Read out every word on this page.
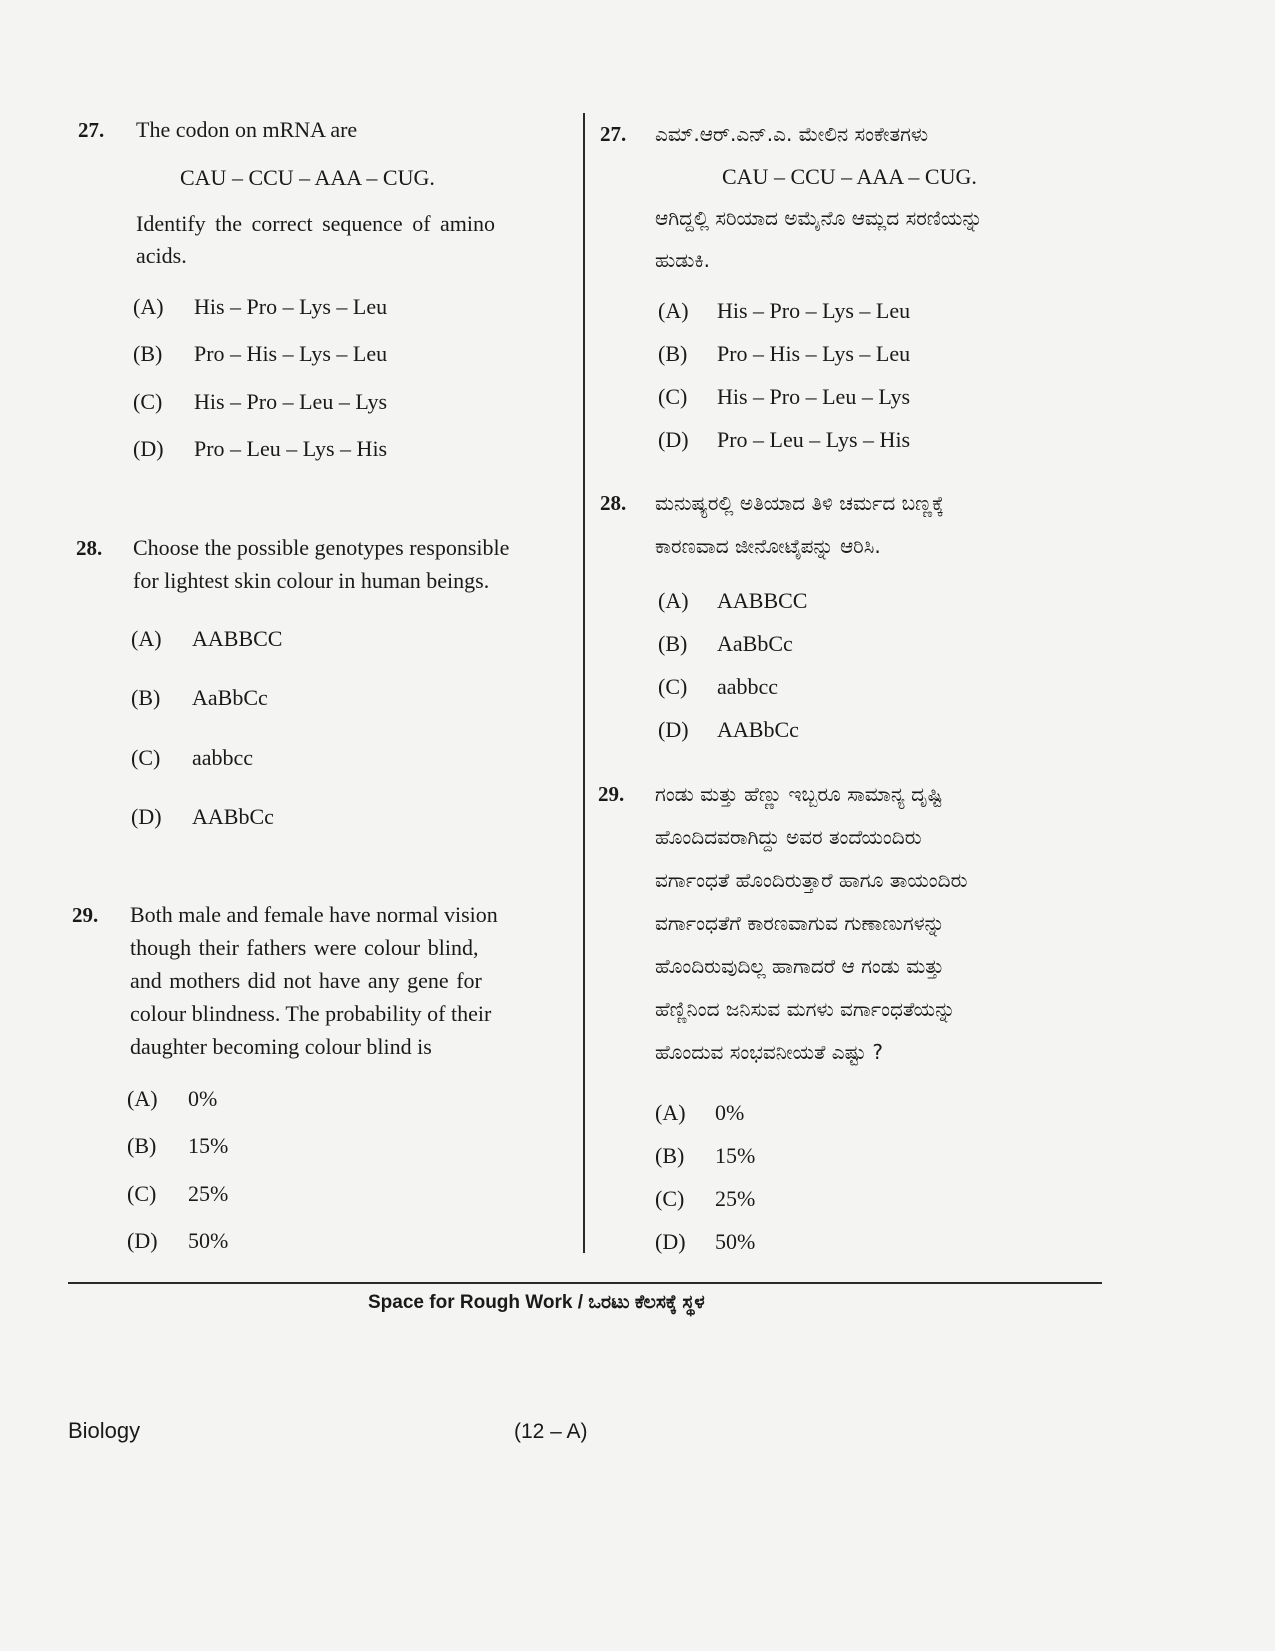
27. The codon on mRNA are
CAU – CCU – AAA – CUG.
Identify the correct sequence of amino
acids.
(A) His – Pro – Lys – Leu
(B) Pro – His – Lys – Leu
(C) His – Pro – Leu – Lys
(D) Pro – Leu – Lys – His
28. Choose the possible genotypes responsible
for lightest skin colour in human beings.
(A) AABBCC
(B) AaBbCc
(C) aabbcc
(D) AABbCc
29. Both male and female have normal vision
though their fathers were colour blind,
and mothers did not have any gene for
colour blindness. The probability of their
daughter becoming colour blind is
(A) 0%
(B) 15%
(C) 25%
(D) 50%
27. ಎಮ್‌.ಆರ್‌.ಎನ್‌.ಎ. ಮೇಲಿನ ಸಂಕೇತಗಳು
CAU – CCU – AAA – CUG.
ಆಗಿದ್ದಲ್ಲಿ ಸರಿಯಾದ ಅಮೈನೊ ಆಮ್ಲದ ಸರಣಿಯನ್ನು
ಹುಡುಕಿ.
(A) His – Pro – Lys – Leu
(B) Pro – His – Lys – Leu
(C) His – Pro – Leu – Lys
(D) Pro – Leu – Lys – His
28. ಮನುಷ್ಯರಲ್ಲಿ ಅತಿಯಾದ ತಿಳಿ ಚರ್ಮದ ಬಣ್ಣಕ್ಕೆ
ಕಾರಣವಾದ ಜೀನೋಟೈಪನ್ನು ಆರಿಸಿ.
(A) AABBCC
(B) AaBbCc
(C) aabbcc
(D) AABbCc
29. ಗಂಡು ಮತ್ತು ಹೆಣ್ಣು ಇಬ್ಬರೂ ಸಾಮಾನ್ಯ ದೃಷ್ಟಿ
ಹೊಂದಿದವರಾಗಿದ್ದು ಅವರ ತಂದೆಯಂದಿರು
ವರ್ಗಾಂಧತೆ ಹೊಂದಿರುತ್ತಾರೆ ಹಾಗೂ ತಾಯಂದಿರು
ವರ್ಗಾಂಧತೆಗೆ ಕಾರಣವಾಗುವ ಗುಣಾಣುಗಳನ್ನು
ಹೊಂದಿರುವುದಿಲ್ಲ ಹಾಗಾದರೆ ಆ ಗಂಡು ಮತ್ತು
ಹೆಣ್ಣಿನಿಂದ ಜನಿಸುವ ಮಗಳು ವರ್ಗಾಂಧತೆಯನ್ನು
ಹೊಂದುವ ಸಂಭವನೀಯತೆ ಎಷ್ಟು ?
(A) 0%
(B) 15%
(C) 25%
(D) 50%
Space for Rough Work / ಒರಟು ಕೆಲಸಕ್ಕೆ ಸ್ಥಳ
Biology	(12 – A)
